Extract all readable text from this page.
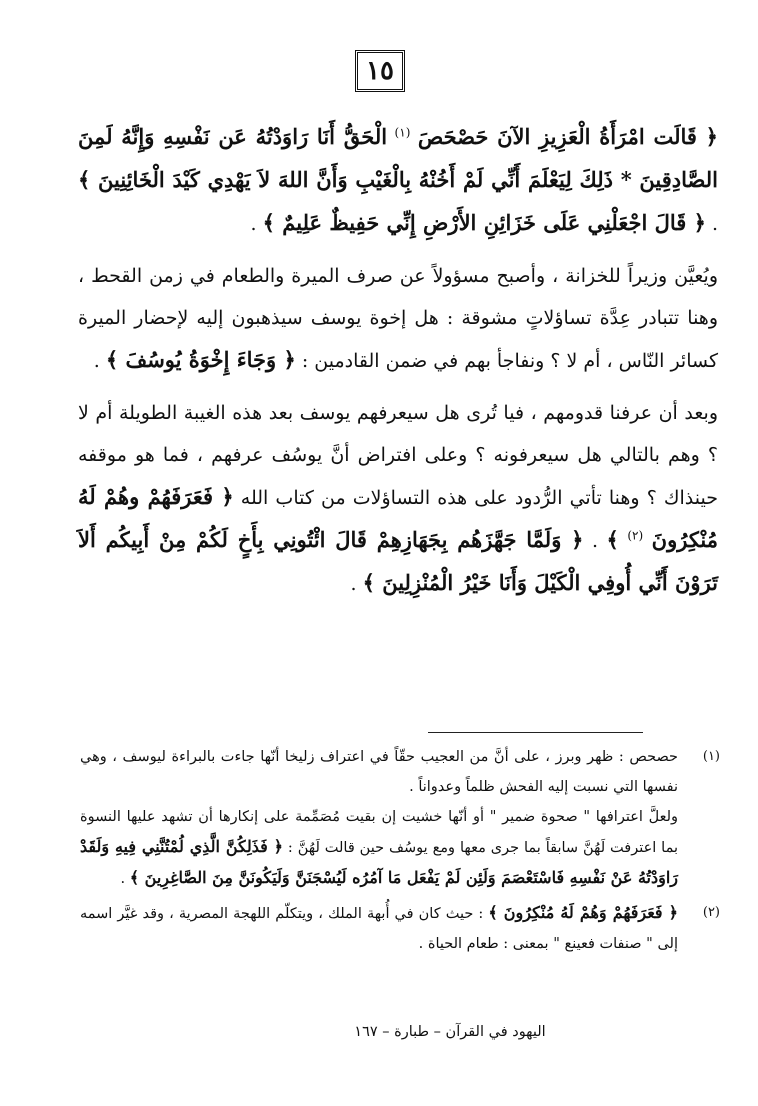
١٥

﴿ قَالَت امْرَأَةُ الْعَزِيزِ الآنَ حَصْحَصَ $^{(١)}$ الْحَقُّ أَنَا رَاوَدْتُهُ عَن نَفْسِهِ وَإِنَّهُ لَمِنَ الصَّادِقِينَ * ذَلِكَ لِيَعْلَمَ أَنِّي لَمْ أَخُنْهُ بِالْغَيْبِ وَأَنَّ اللهَ لاَ يَهْدِي كَيْدَ الْخَائِنِينَ ﴾ . ﴿ قَالَ اجْعَلْنِي عَلَى خَزَائِنِ الأَرْضِ إِنِّي حَفِيظٌ عَلِيمٌ ﴾ .

ويُعيَّن وزيراً للخزانة ، وأصبح مسؤولاً عن صرف الميرة والطعام في زمن القحط ، وهنا تتبادر عِدَّة تساؤلاتٍ مشوقة : هل إخوة يوسف سيذهبون إليه لإحضار الميرة كسائر النّاس ، أم لا ؟ ونفاجأ بهم في ضمن القادمين : ﴿ وَجَاءَ إِخْوَةُ يُوسُفَ ﴾ .

وبعد أن عرفنا قدومهم ، فيا تُرى هل سيعرفهم يوسف بعد هذه الغيبة الطويلة أم لا ؟ وهم بالتالي هل سيعرفونه ؟ وعلى افتراض أنَّ يوسُف عرفهم ، فما هو موقفه حينذاك ؟ وهنا تأتي الرُّدود على هذه التساؤلات من كتاب الله ﴿ فَعَرَفَهُمْ وهُمْ لَهُ مُنْكِرُونَ $^{(٢)}$ ﴾ . ﴿ وَلَمَّا جَهَّزَهُم بِجَهَازِهِمْ قَالَ ائْتُونِي بِأَخٍ لَكُمْ مِنْ أَبِيكُم أَلاَ تَرَوْنَ أَنِّي أُوفِي الْكَيْلَ وَأَنَا خَيْرُ الْمُنْزِلِينَ ﴾ .

(١)

حصحص : ظهر وبرز ، على أنَّ من العجيب حقّاً في اعتراف زليخا أنّها جاءت بالبراءة ليوسف ، وهي نفسها التي نسبت إليه الفحش ظلماً وعدواناً .

ولعلَّ اعترافها " صحوة ضمير " أو أنّها خشيت إن بقيت مُصَمِّمة على إنكارها أن تشهد عليها النسوة بما اعترفت لَهُنَّ سابقاً بما جرى معها ومع يوسُف حين قالت لَهُنَّ : ﴿ فَذَلِكُنَّ الَّذِي لُمْتُنَّنِي فِيهِ وَلَقَدْ رَاوَدْتُهُ عَنْ نَفْسِهِ فَاسْتَعْصَمَ وَلَئِن لَمْ يَفْعَل مَا آمُرُه لَيُسْجَنَنَّ وَلَيَكُونَنَّ مِنَ الصَّاغِرِينَ ﴾ .

(٢)

﴿ فَعَرَفَهُمْ وَهُمْ لَهُ مُنْكِرُونَ ﴾ : حيث كان في أُبهة الملك ، ويتكلّم اللهجة المصرية ، وقد غيَّر اسمه إلى " صنفات فعينع " بمعنى : طعام الحياة .

اليهود في القرآن – طبارة – ١٦٧
